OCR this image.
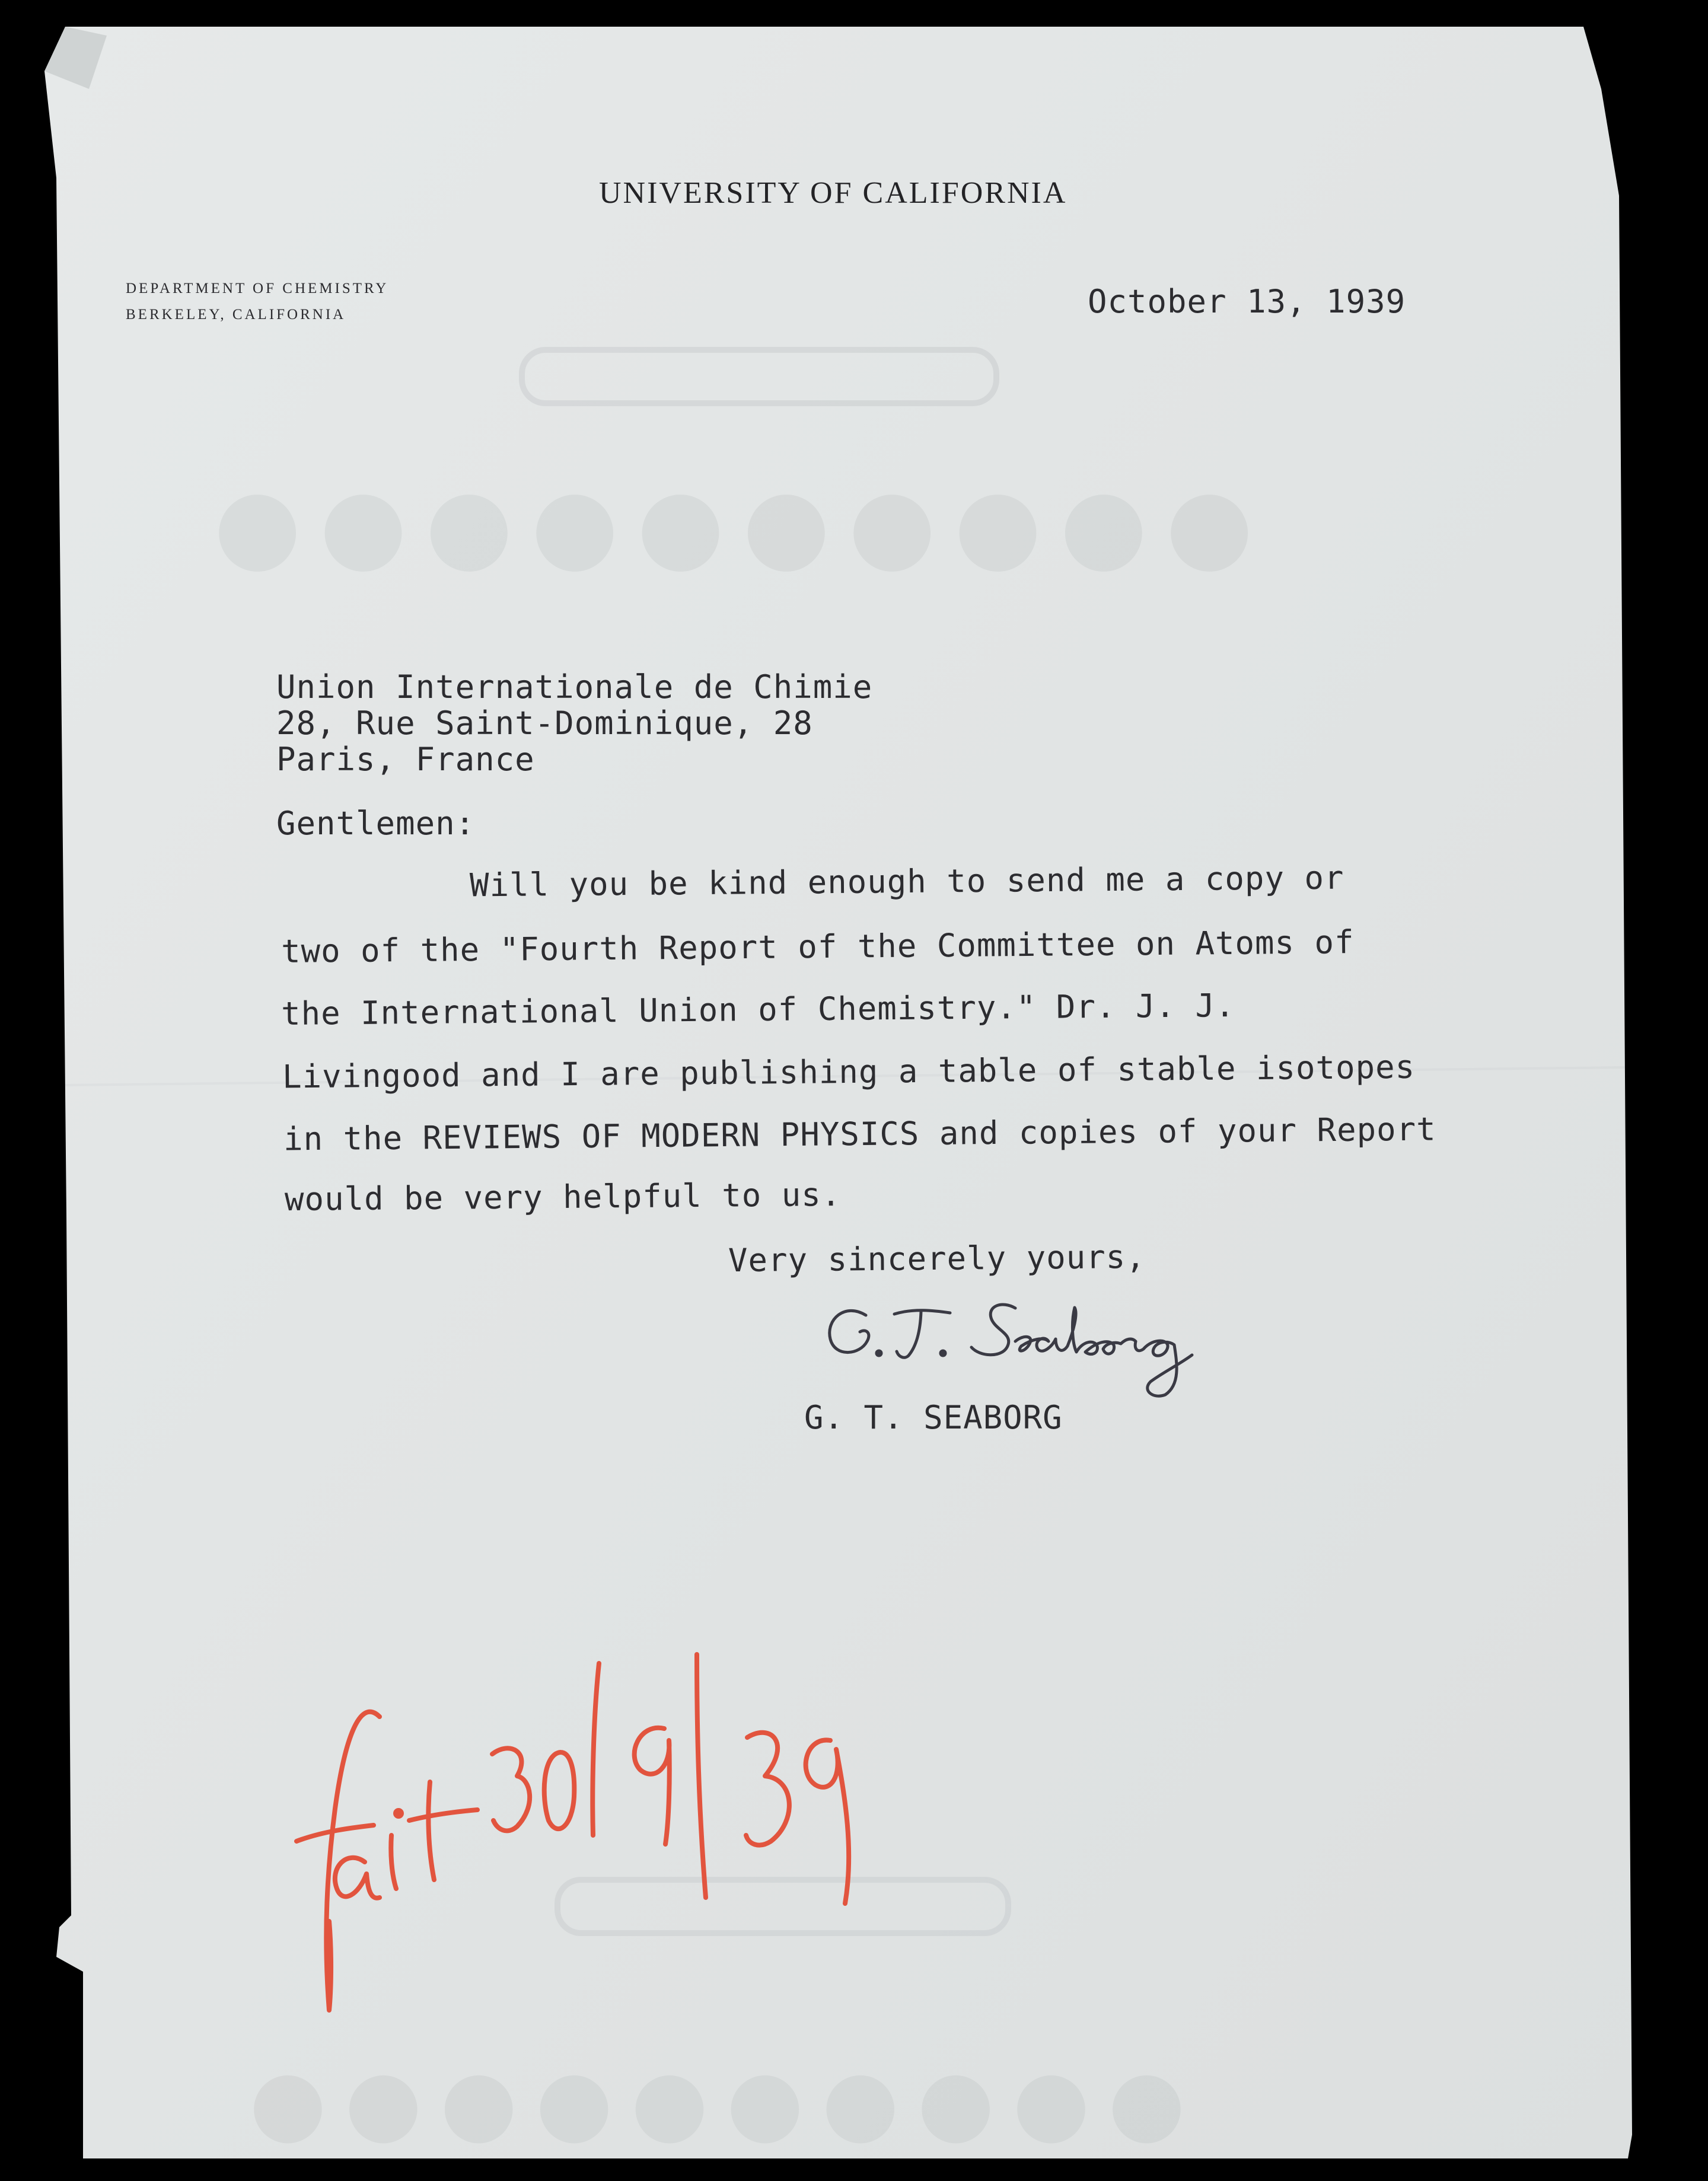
●●●●●●●●●●
●●●●●●●●●●
UNIVERSITY OF CALIFORNIA
DEPARTMENT OF CHEMISTRY
BERKELEY, CALIFORNIA	October 13, 1939
Union Internationale de Chimie
28, Rue Saint-Dominique, 28
Paris, France
Gentlemen:
Will you be kind enough to send me a copy or
two of the "Fourth Report of the Committee on Atoms of
the International Union of Chemistry." Dr. J. J.
Livingood and I are publishing a table of stable isotopes
in the REVIEWS OF MODERN PHYSICS and copies of your Report
would be very helpful to us.
Very sincerely yours,
G. T. SEABORG
